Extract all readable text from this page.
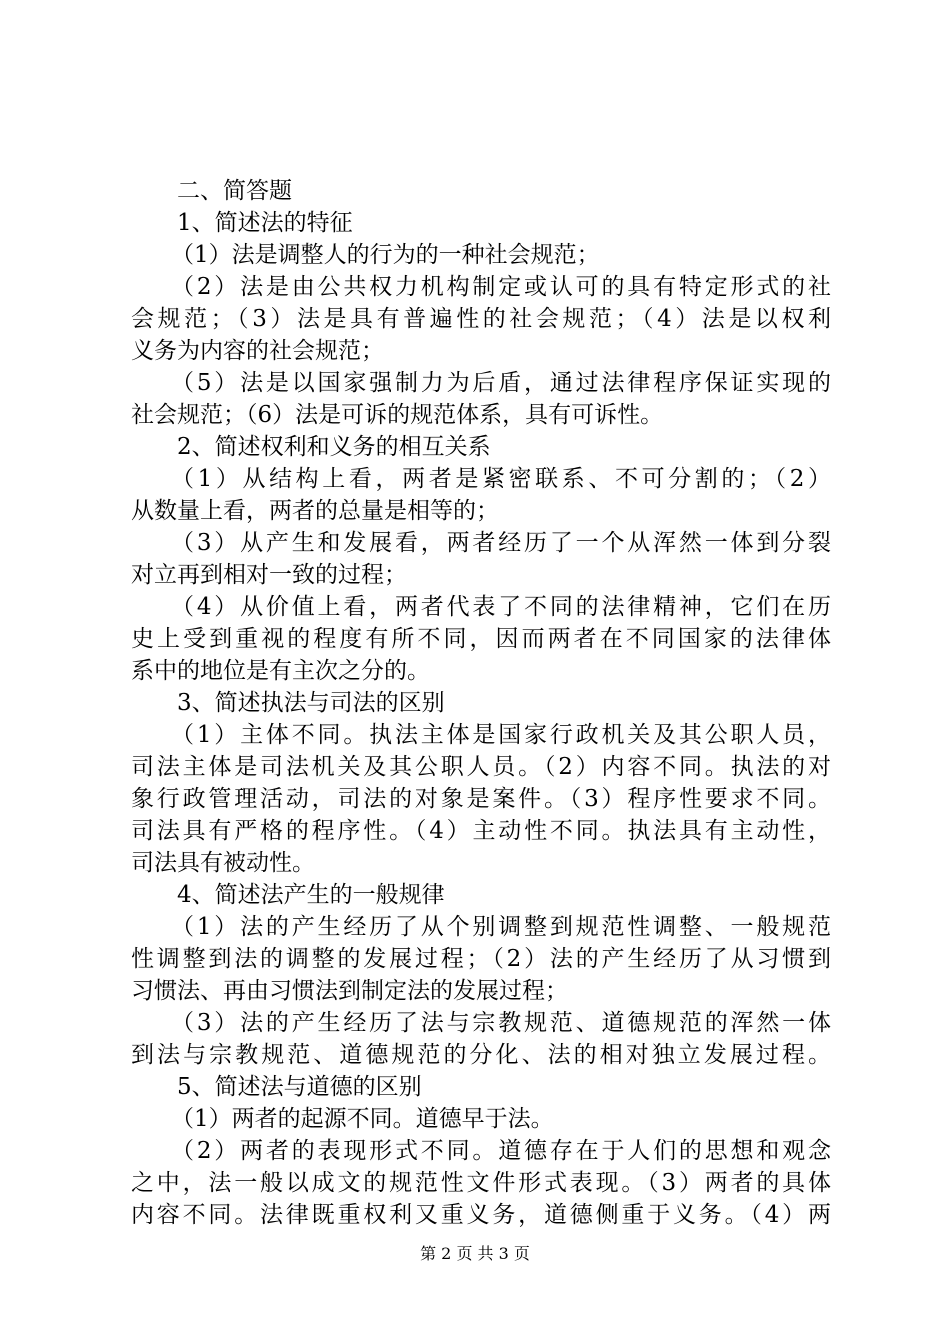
二、简答题
1、简述法的特征
（1）法是调整人的行为的一种社会规范；
（2）法是由公共权力机构制定或认可的具有特定形式的社
会规范；（3）法是具有普遍性的社会规范；（4）法是以权利
义务为内容的社会规范；
（5）法是以国家强制力为后盾，通过法律程序保证实现的
社会规范；（6）法是可诉的规范体系，具有可诉性。
2、简述权利和义务的相互关系
（1）从结构上看，两者是紧密联系、不可分割的；（2）
从数量上看，两者的总量是相等的；
（3）从产生和发展看，两者经历了一个从浑然一体到分裂
对立再到相对一致的过程；
（4）从价值上看，两者代表了不同的法律精神，它们在历
史上受到重视的程度有所不同，因而两者在不同国家的法律体
系中的地位是有主次之分的。
3、简述执法与司法的区别
（1）主体不同。执法主体是国家行政机关及其公职人员，
司法主体是司法机关及其公职人员。（2）内容不同。执法的对
象行政管理活动，司法的对象是案件。（3）程序性要求不同。
司法具有严格的程序性。（4）主动性不同。执法具有主动性，
司法具有被动性。
4、简述法产生的一般规律
（1）法的产生经历了从个别调整到规范性调整、一般规范
性调整到法的调整的发展过程；（2）法的产生经历了从习惯到
习惯法、再由习惯法到制定法的发展过程；
（3）法的产生经历了法与宗教规范、道德规范的浑然一体
到法与宗教规范、道德规范的分化、法的相对独立发展过程。
5、简述法与道德的区别
（1）两者的起源不同。道德早于法。
（2）两者的表现形式不同。道德存在于人们的思想和观念
之中，法一般以成文的规范性文件形式表现。（3）两者的具体
内容不同。法律既重权利又重义务，道德侧重于义务。（4）两
第 2 页 共 3 页
